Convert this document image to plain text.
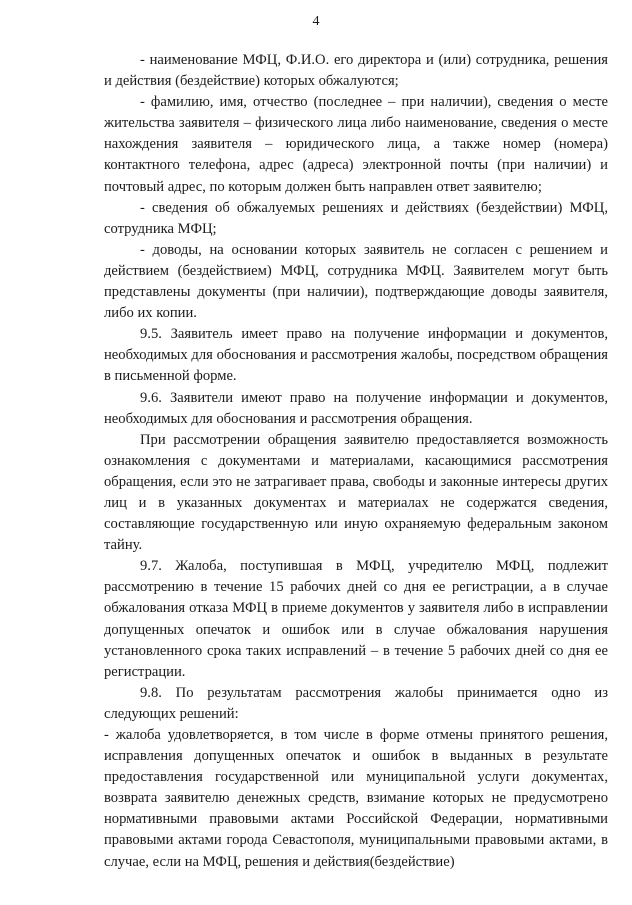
4

- наименование МФЦ, Ф.И.О. его директора и (или) сотрудника, решения и действия (бездействие) которых обжалуются;

- фамилию, имя, отчество (последнее – при наличии), сведения о месте жительства заявителя – физического лица либо наименование, сведения о месте нахождения заявителя – юридического лица, а также номер (номера) контактного телефона, адрес (адреса) электронной почты (при наличии) и почтовый адрес, по которым должен быть направлен ответ заявителю;

- сведения об обжалуемых решениях и действиях (бездействии) МФЦ, сотрудника МФЦ;

- доводы, на основании которых заявитель не согласен с решением и действием (бездействием) МФЦ, сотрудника МФЦ. Заявителем могут быть представлены документы (при наличии), подтверждающие доводы заявителя, либо их копии.

9.5. Заявитель имеет право на получение информации и документов, необходимых для обоснования и рассмотрения жалобы, посредством обращения в письменной форме.

9.6. Заявители имеют право на получение информации и документов, необходимых для обоснования и рассмотрения обращения.

При рассмотрении обращения заявителю предоставляется возможность ознакомления с документами и материалами, касающимися рассмотрения обращения, если это не затрагивает права, свободы и законные интересы других лиц и в указанных документах и материалах не содержатся сведения, составляющие государственную или иную охраняемую федеральным законом тайну.

9.7. Жалоба, поступившая в МФЦ, учредителю МФЦ, подлежит рассмотрению в течение 15 рабочих дней со дня ее регистрации, а в случае обжалования отказа МФЦ в приеме документов у заявителя либо в исправлении допущенных опечаток и ошибок или в случае обжалования нарушения установленного срока таких исправлений – в течение 5 рабочих дней со дня ее регистрации.

9.8. По результатам рассмотрения жалобы принимается одно из следующих решений:

- жалоба удовлетворяется, в том числе в форме отмены принятого решения, исправления допущенных опечаток и ошибок в выданных в результате предоставления государственной или муниципальной услуги документах, возврата заявителю денежных средств, взимание которых не предусмотрено нормативными правовыми актами Российской Федерации, нормативными правовыми актами города Севастополя, муниципальными правовыми актами, в случае, если на МФЦ, решения и действия(бездействие)
